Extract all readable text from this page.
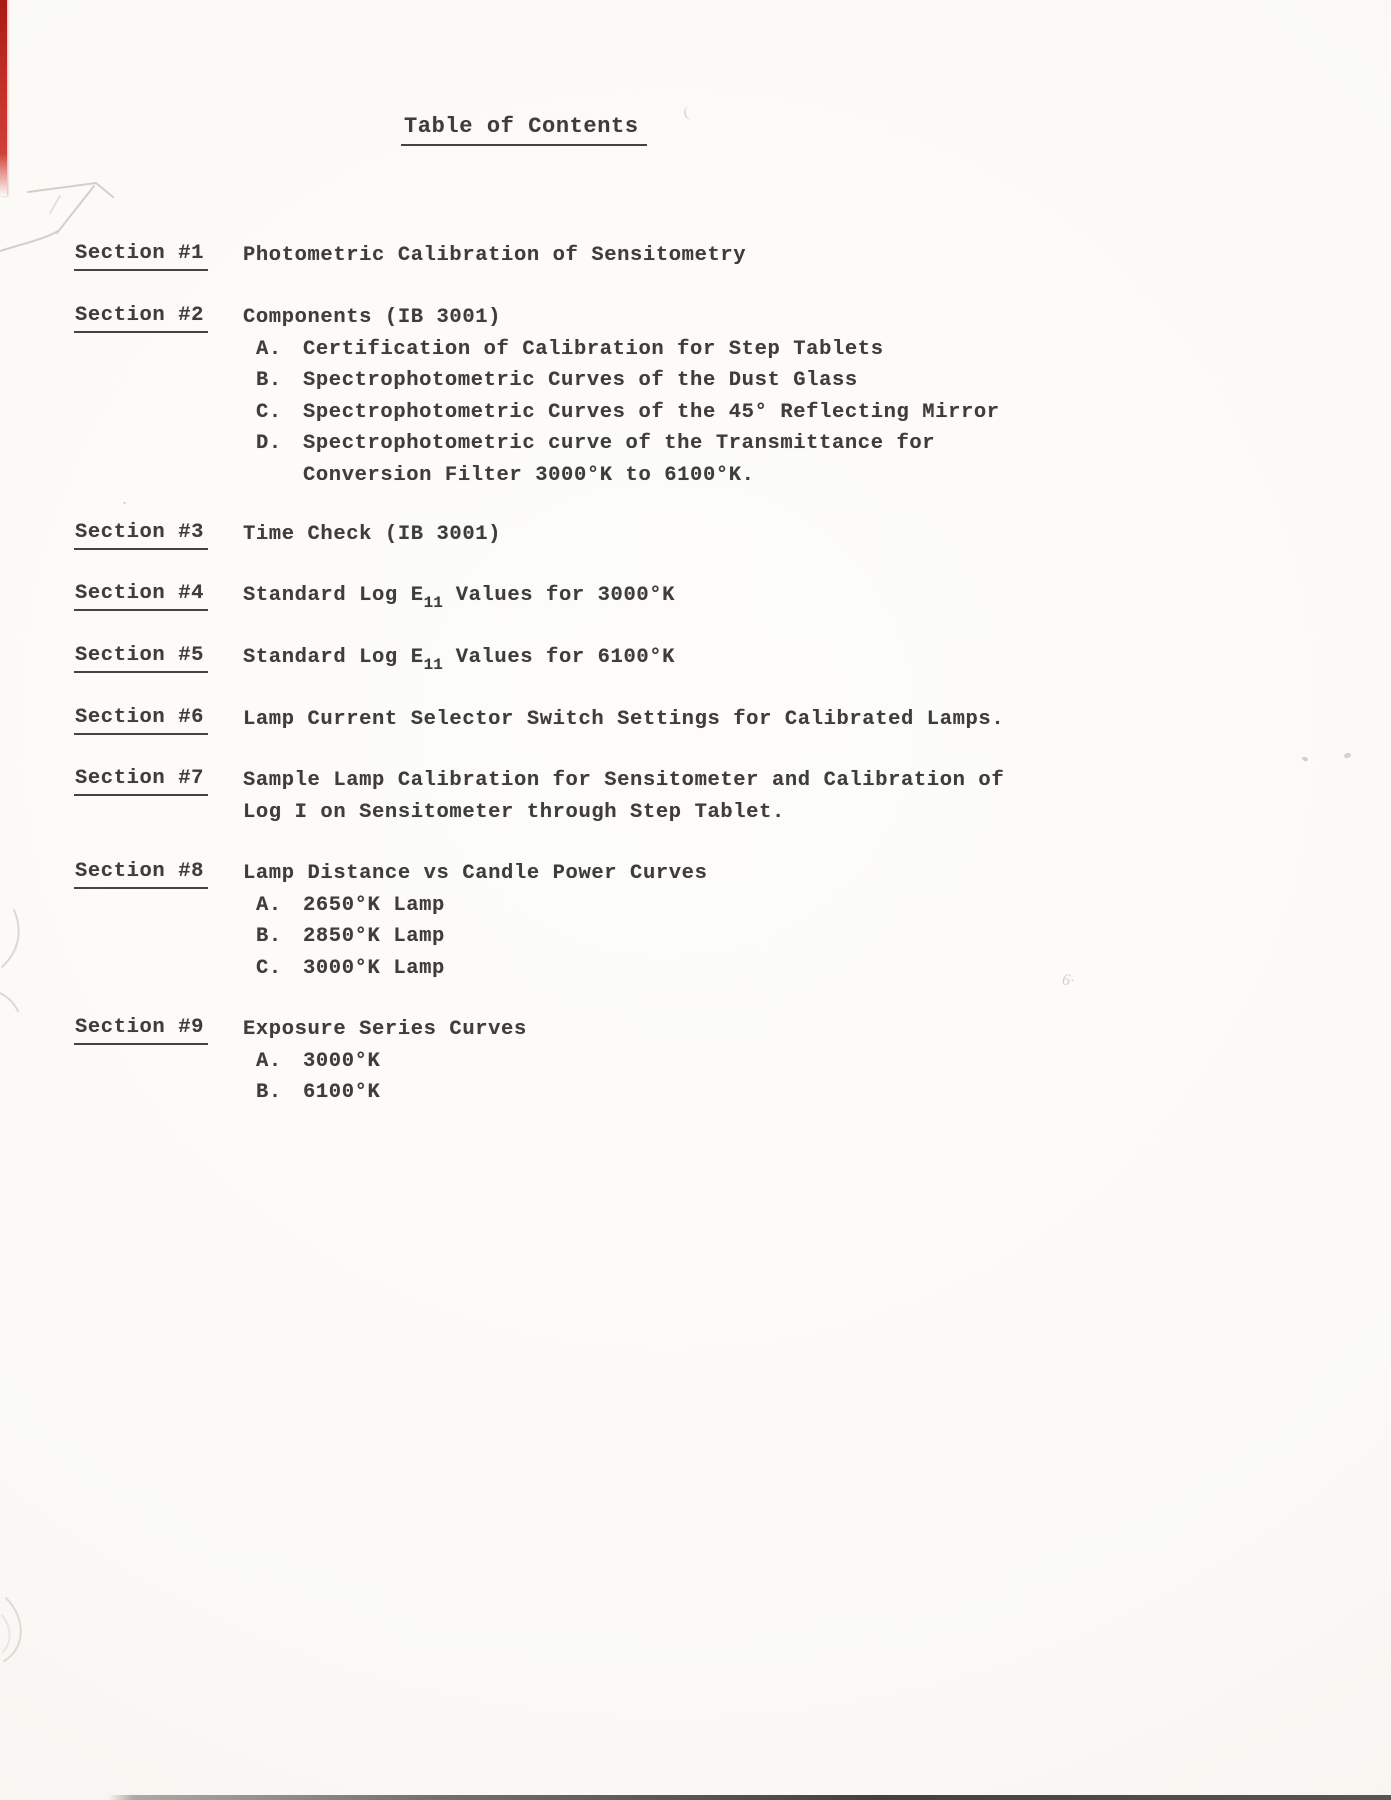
(
`
6·
Table of Contents
Section #1 Photometric Calibration of Sensitometry
Section #2 Components (IB 3001)
A. Certification of Calibration for Step Tablets
B. Spectrophotometric Curves of the Dust Glass
C. Spectrophotometric Curves of the 45° Reflecting Mirror
D. Spectrophotometric curve of the Transmittance for
Conversion Filter 3000°K to 6100°K.
Section #3 Time Check (IB 3001)
Section #4 Standard Log $E_{11}$ Values for 3000°K
Section #5 Standard Log $E_{11}$ Values for 6100°K
Section #6 Lamp Current Selector Switch Settings for Calibrated Lamps.
Section #7 Sample Lamp Calibration for Sensitometer and Calibration of
Log I on Sensitometer through Step Tablet.
Section #8 Lamp Distance vs Candle Power Curves
A. 2650°K Lamp
B. 2850°K Lamp
C. 3000°K Lamp
Section #9 Exposure Series Curves
A. 3000°K
B. 6100°K
